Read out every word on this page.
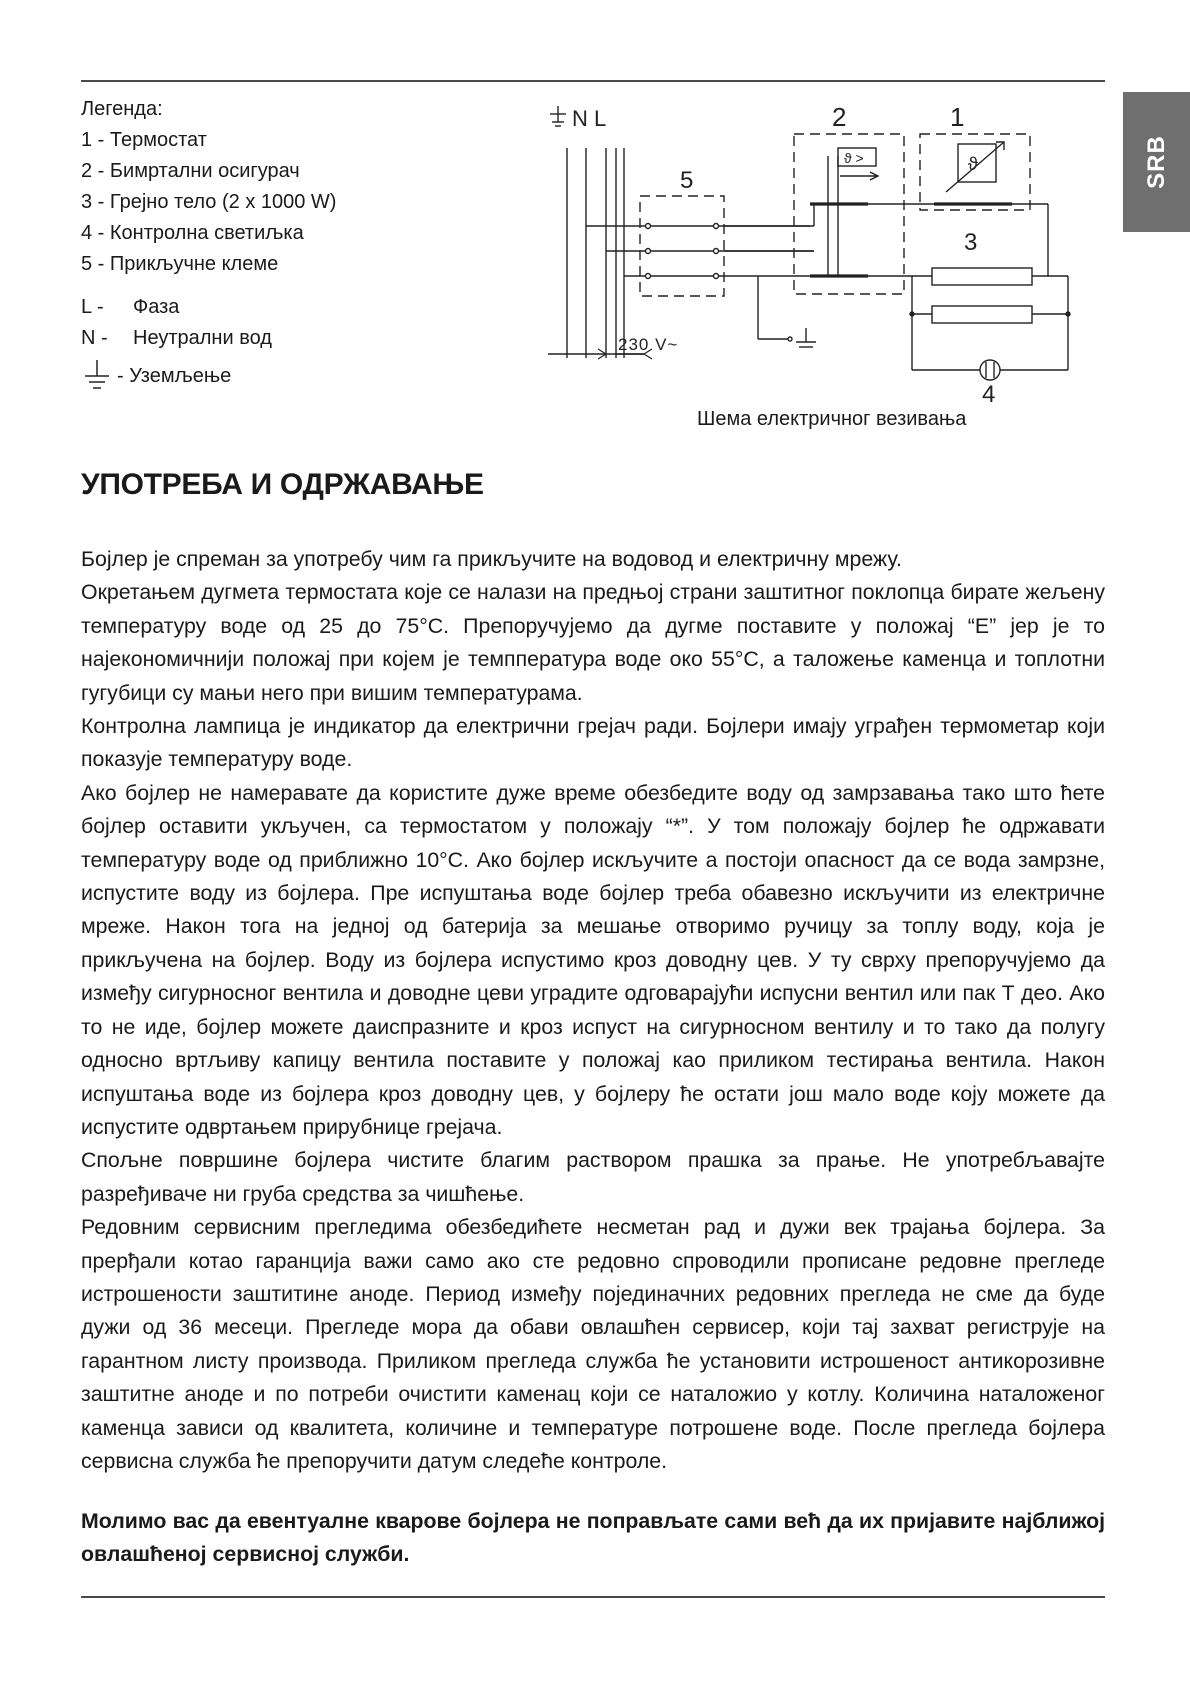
SRB
Легенда:
1 - Термостат
2 - Бимртални осигурач
3 - Грејно тело (2 x 1000 W)
4 - Контролна светиљка
5 - Прикључне клеме
L -	Фаза
N -	Неутрални вод
- Уземљење
N L
5
230 V~
2
ϑ >
1
ϑ
3
4
Шема електричног везивања
УПОТРЕБА И ОДРЖАВАЊЕ

Бојлер је спреман за употребу чим га прикључите на водовод и електричну мрежу.

Окретањем дугмета термостата које се налази на предњој страни заштитног поклопца бирате жељену температуру воде од 25 до 75°C. Препоручујемо да дугме поставите у положај “E” јер је то најекономичнији положај при којем је темппература воде око 55°C, а таложење каменца и топлотни гугубици су мањи него при вишим температурама.

Контролна лампица је индикатор да електрични грејач ради. Бојлери имају уграђен термометар који показује температуру воде.

Ако бојлер не намеравате да користите дуже време обезбедите воду од замрзавања тако што ћете бојлер оставити укључен, са термостатом у положају “*”. У том положају бојлер ће одржавати температуру воде од приближно 10°C. Ако бојлер искључите а постоји опасност да се вода замрзне, испустите воду из бојлера. Пре испуштања воде бојлер треба обавезно искључити из електричне мреже. Након тога на једној од батерија за мешање отворимо ручицу за топлу воду, која је прикључена на бојлер. Воду из бојлера испустимо кроз доводну цев. У ту сврху препоручујемо да између сигурносног вентила и доводне цеви уградите одговарајући испусни вентил или пак Т део. Ако то не иде, бојлер можете даиспразните и кроз испуст на сигурносном вентилу и то тако да полугу односно вртљиву капицу вентила поставите у положај као приликом тестирања вентила. Након испуштања воде из бојлера кроз доводну цев, у бојлеру ће остати још мало воде коју можете да испустите одвртањем прирубнице грејача.

Спољне површине бојлера чистите благим раствором прашка за прање. Не употребљавајте разређиваче ни груба средства за чишћење.

Редовним сервисним прегледима обезбедићете несметан рад и дужи век трајања бојлера. За прерђали котао гаранција важи само ако сте редовно спроводили прописане редовне прегледе истрошености заштитине аноде. Период између појединачних редовних прегледа не сме да буде дужи од 36 месеци. Прегледе мора да обави овлашћен сервисер, који тај захват региструје на гарантном листу производа. Приликом прегледа служба ће установити истрошеност антикорозивне заштитне аноде и по потреби очистити каменац који се наталожио у котлу. Количина наталоженог каменца зависи од квалитета, количине и температуре потрошене воде. После прегледа бојлера сервисна служба ће препоручити датум следеће контроле.

Молимо вас да евентуалне кварове бојлера не поправљате сами већ да их пријавите најближој овлашћеној сервисној служби.
